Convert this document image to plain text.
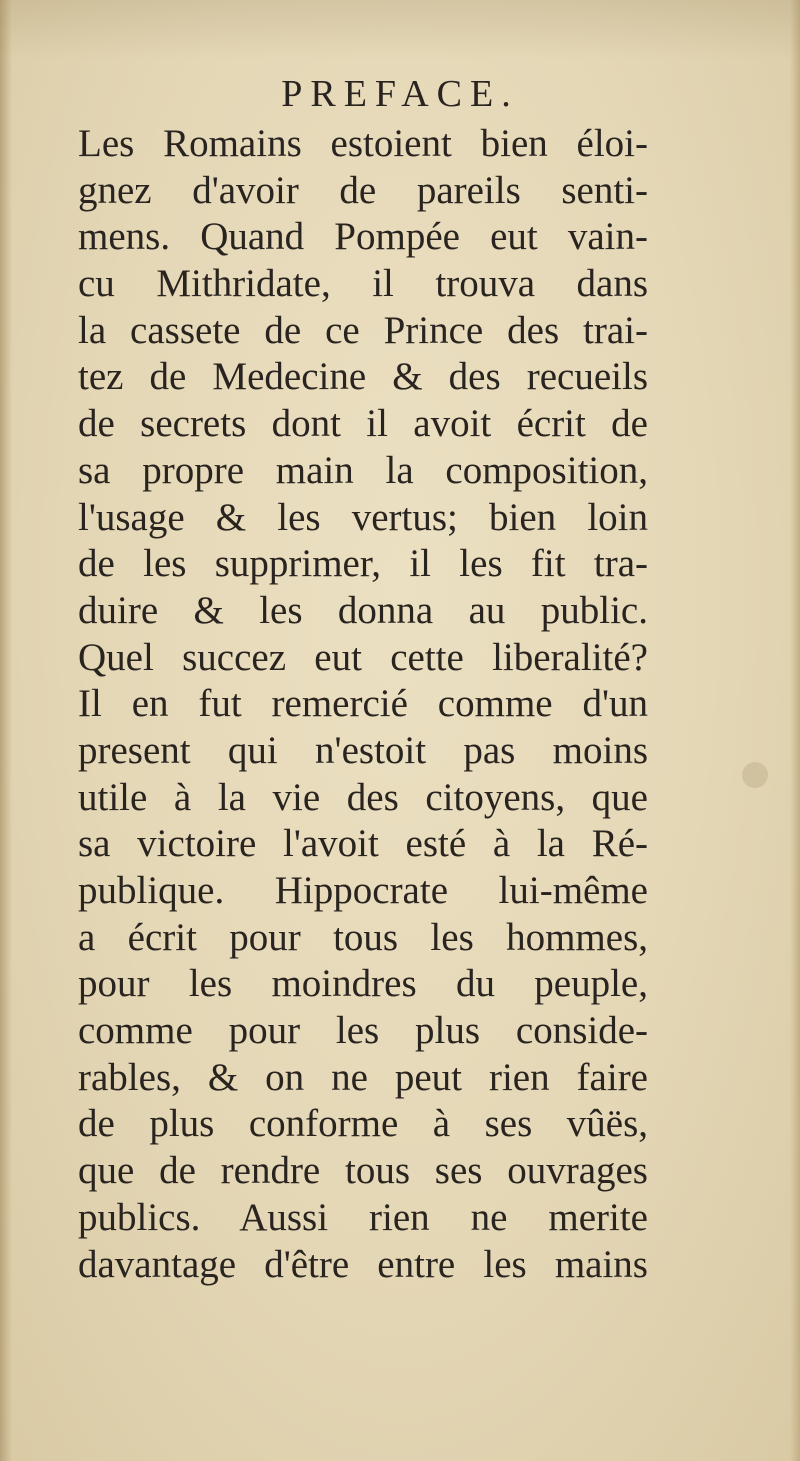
PREFACE.
Les Romains estoient bien éloi-
gnez d'avoir de pareils senti-
mens. Quand Pompée eut vain-
cu Mithridate, il trouva dans
la cassete de ce Prince des trai-
tez de Medecine & des recueils
de secrets dont il avoit écrit de
sa propre main la composition,
l'usage & les vertus; bien loin
de les supprimer, il les fit tra-
duire & les donna au public.
Quel succez eut cette liberalité?
Il en fut remercié comme d'un
present qui n'estoit pas moins
utile à la vie des citoyens, que
sa victoire l'avoit esté à la Ré-
publique. Hippocrate lui-même
a écrit pour tous les hommes,
pour les moindres du peuple,
comme pour les plus conside-
rables, & on ne peut rien faire
de plus conforme à ses vûës,
que de rendre tous ses ouvrages
publics. Aussi rien ne merite
davantage d'être entre les mains
